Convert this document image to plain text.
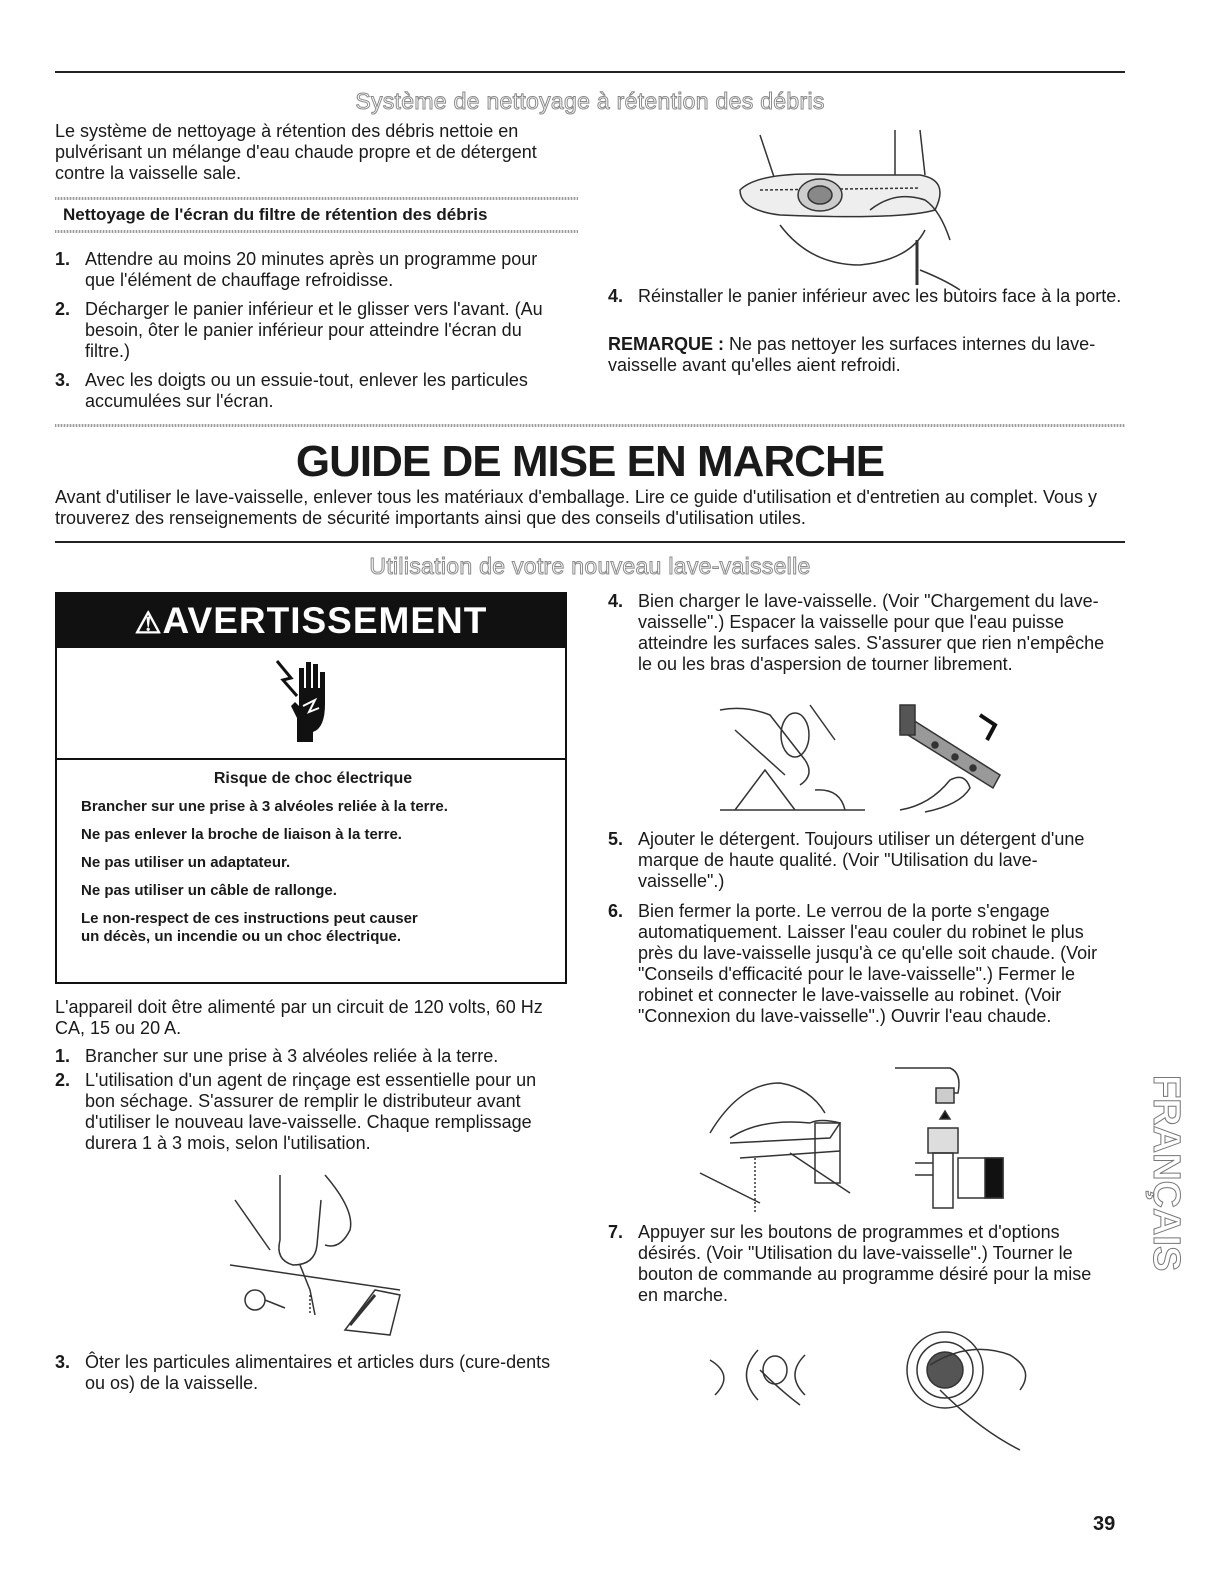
Système de nettoyage à rétention des débris

Le système de nettoyage à rétention des débris nettoie en pulvérisant un mélange d'eau chaude propre et de détergent contre la vaisselle sale.

Nettoyage de l'écran du filtre de rétention des débris
1. Attendre au moins 20 minutes après un programme pour que l'élément de chauffage refroidisse.
2. Décharger le panier inférieur et le glisser vers l'avant. (Au besoin, ôter le panier inférieur pour atteindre l'écran du filtre.)
3. Avec les doigts ou un essuie-tout, enlever les particules accumulées sur l'écran.
4. Réinstaller le panier inférieur avec les butoirs face à la porte.

REMARQUE : Ne pas nettoyer les surfaces internes du lave-vaisselle avant qu'elles aient refroidi.

GUIDE DE MISE EN MARCHE

Avant d'utiliser le lave-vaisselle, enlever tous les matériaux d'emballage. Lire ce guide d'utilisation et d'entretien au complet. Vous y trouverez des renseignements de sécurité importants ainsi que des conseils d'utilisation utiles.

Utilisation de votre nouveau lave-vaisselle
⚠AVERTISSEMENT
Risque de choc électrique
Brancher sur une prise à 3 alvéoles reliée à la terre.
Ne pas enlever la broche de liaison à la terre.
Ne pas utiliser un adaptateur.
Ne pas utiliser un câble de rallonge.
Le non-respect de ces instructions peut causer
un décès, un incendie ou un choc électrique.

L'appareil doit être alimenté par un circuit de 120 volts, 60 Hz CA, 15 ou 20 A.

1. Brancher sur une prise à 3 alvéoles reliée à la terre.
2. L'utilisation d'un agent de rinçage est essentielle pour un bon séchage. S'assurer de remplir le distributeur avant d'utiliser le nouveau lave-vaisselle. Chaque remplissage durera 1 à 3 mois, selon l'utilisation.
3. Ôter les particules alimentaires et articles durs (cure-dents ou os) de la vaisselle.
4. Bien charger le lave-vaisselle. (Voir "Chargement du lave-vaisselle".) Espacer la vaisselle pour que l'eau puisse atteindre les surfaces sales. S'assurer que rien n'empêche le ou les bras d'aspersion de tourner librement.
5. Ajouter le détergent. Toujours utiliser un détergent d'une marque de haute qualité. (Voir "Utilisation du lave-vaisselle".)
6. Bien fermer la porte. Le verrou de la porte s'engage automatiquement. Laisser l'eau couler du robinet le plus près du lave-vaisselle jusqu'à ce qu'elle soit chaude. (Voir "Conseils d'efficacité pour le lave-vaisselle".) Fermer le robinet et connecter le lave-vaisselle au robinet. (Voir "Connexion du lave-vaisselle".) Ouvrir l'eau chaude.
7. Appuyer sur les boutons de programmes et d'options désirés. (Voir "Utilisation du lave-vaisselle".) Tourner le bouton de commande au programme désiré pour la mise en marche.
FRANÇAIS
39
